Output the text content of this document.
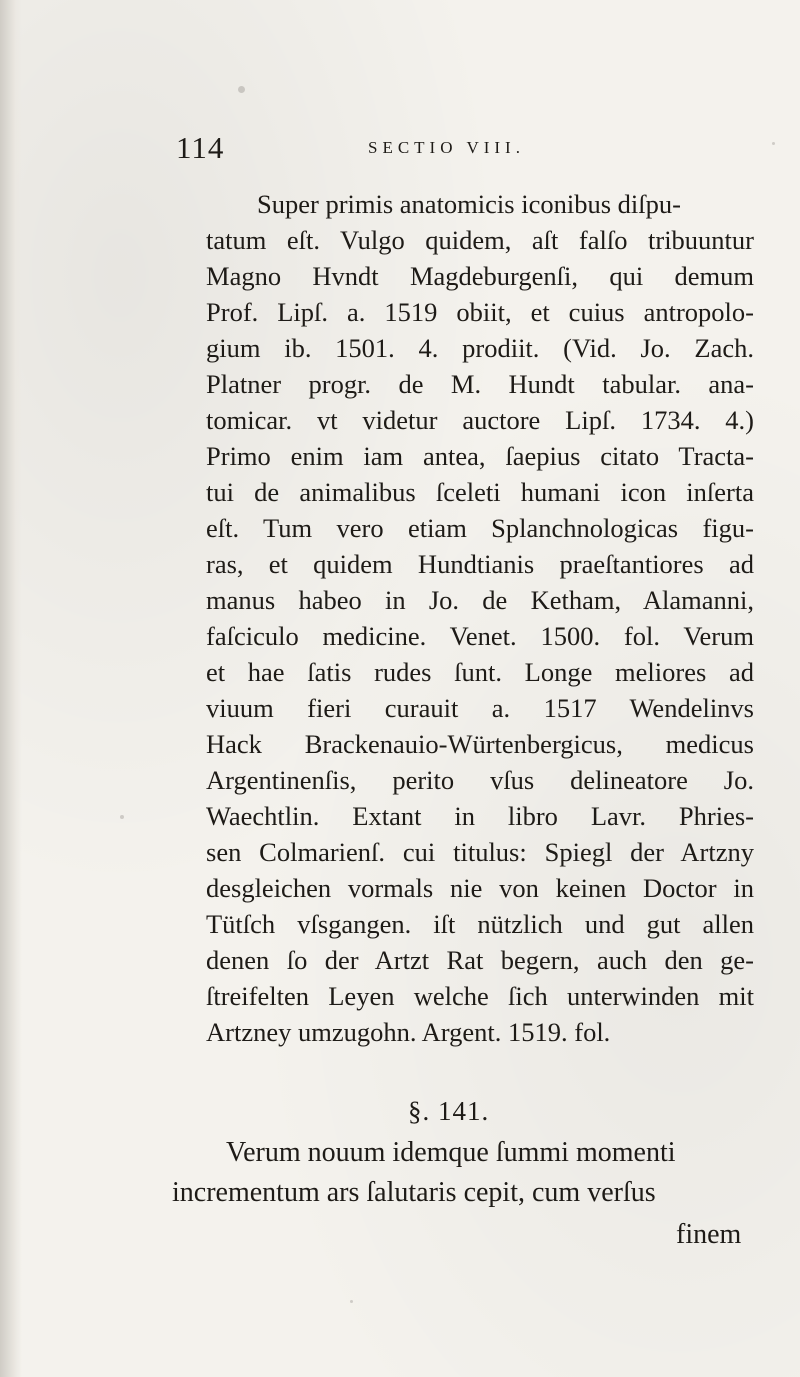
114	SECTIO VIII.
Super primis anatomicis iconibus diſpu-
tatum eſt. Vulgo quidem, aſt falſo tribuuntur
Magno Hvndt Magdeburgenſi, qui demum
Prof. Lipſ. a. 1519 obiit, et cuius antropolo-
gium ib. 1501. 4. prodiit. (Vid. Jo. Zach.
Platner progr. de M. Hundt tabular. ana-
tomicar. vt videtur auctore Lipſ. 1734. 4.)
Primo enim iam antea, ſaepius citato Tracta-
tui de animalibus ſceleti humani icon inſerta
eſt. Tum vero etiam Splanchnologicas figu-
ras, et quidem Hundtianis praeſtantiores ad
manus habeo in Jo. de Ketham, Alamanni,
faſciculo medicine. Venet. 1500. fol. Verum
et hae ſatis rudes ſunt. Longe meliores ad
viuum fieri curauit a. 1517 Wendelinvs
Hack Brackenauio-Würtenbergicus, medicus
Argentinenſis, perito vſus delineatore Jo.
Waechtlin. Extant in libro Lavr. Phries-
sen Colmarienſ. cui titulus: Spiegl der Artzny
desgleichen vormals nie von keinen Doctor in
Tütſch vſsgangen. iſt nützlich und gut allen
denen ſo der Artzt Rat begern, auch den ge-
ſtreifelten Leyen welche ſich unterwinden mit
Artzney umzugohn. Argent. 1519. fol.
§. 141.
Verum nouum idemque ſummi momenti
incrementum ars ſalutaris cepit, cum verſus
finem
